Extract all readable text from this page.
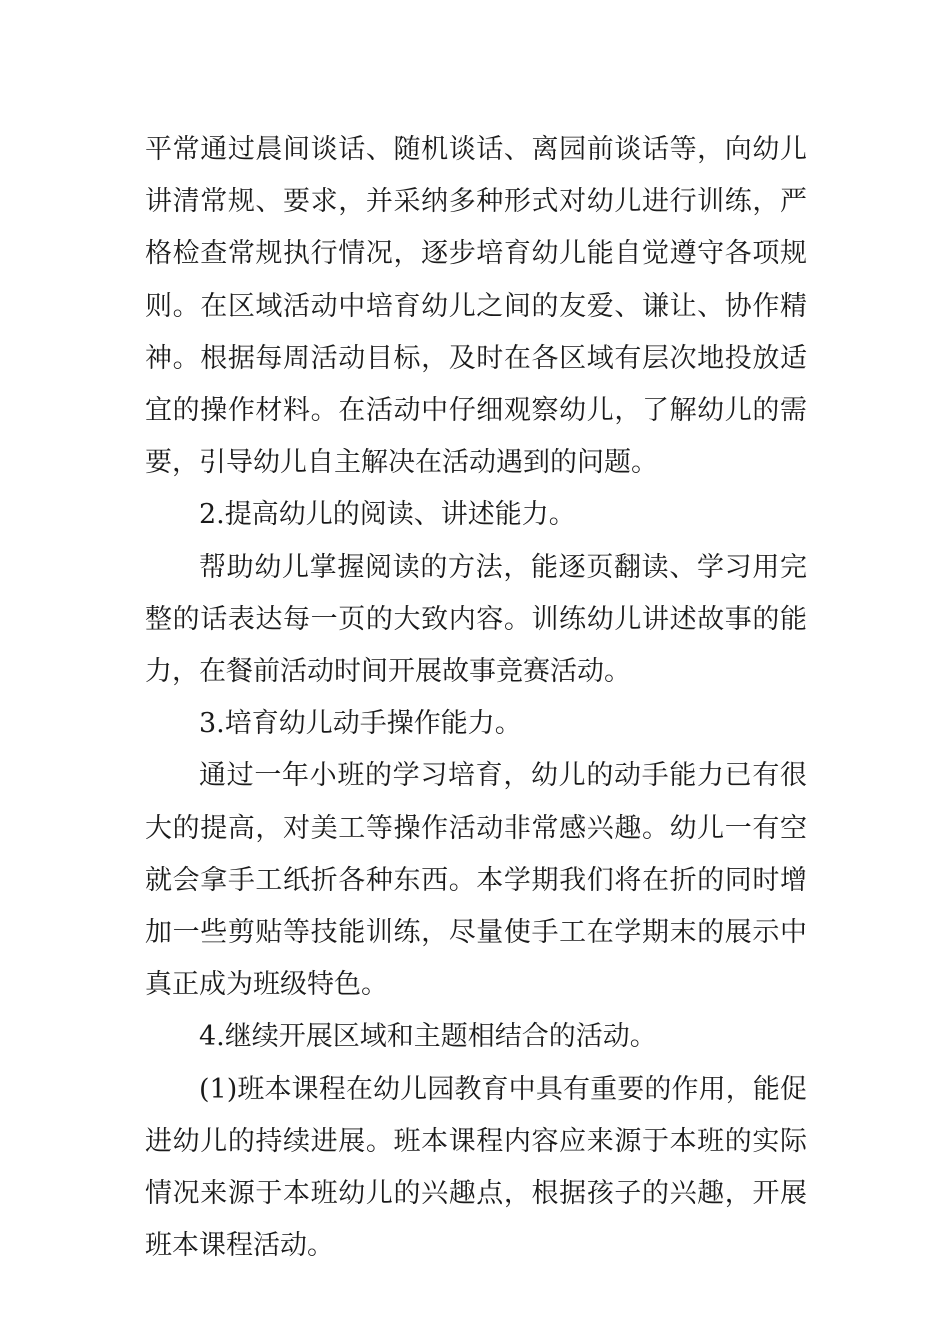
平常通过晨间谈话、随机谈话、离园前谈话等，向幼儿讲清常规、要求，并采纳多种形式对幼儿进行训练，严格检查常规执行情况，逐步培育幼儿能自觉遵守各项规则。在区域活动中培育幼儿之间的友爱、谦让、协作精神。根据每周活动目标，及时在各区域有层次地投放适宜的操作材料。在活动中仔细观察幼儿，了解幼儿的需要，引导幼儿自主解决在活动遇到的问题。

2.提高幼儿的阅读、讲述能力。

帮助幼儿掌握阅读的方法，能逐页翻读、学习用完整的话表达每一页的大致内容。训练幼儿讲述故事的能力，在餐前活动时间开展故事竞赛活动。

3.培育幼儿动手操作能力。

通过一年小班的学习培育，幼儿的动手能力已有很大的提高，对美工等操作活动非常感兴趣。幼儿一有空就会拿手工纸折各种东西。本学期我们将在折的同时增加一些剪贴等技能训练，尽量使手工在学期末的展示中真正成为班级特色。

4.继续开展区域和主题相结合的活动。

(1)班本课程在幼儿园教育中具有重要的作用，能促进幼儿的持续进展。班本课程内容应来源于本班的实际情况来源于本班幼儿的兴趣点，根据孩子的兴趣，开展班本课程活动。
